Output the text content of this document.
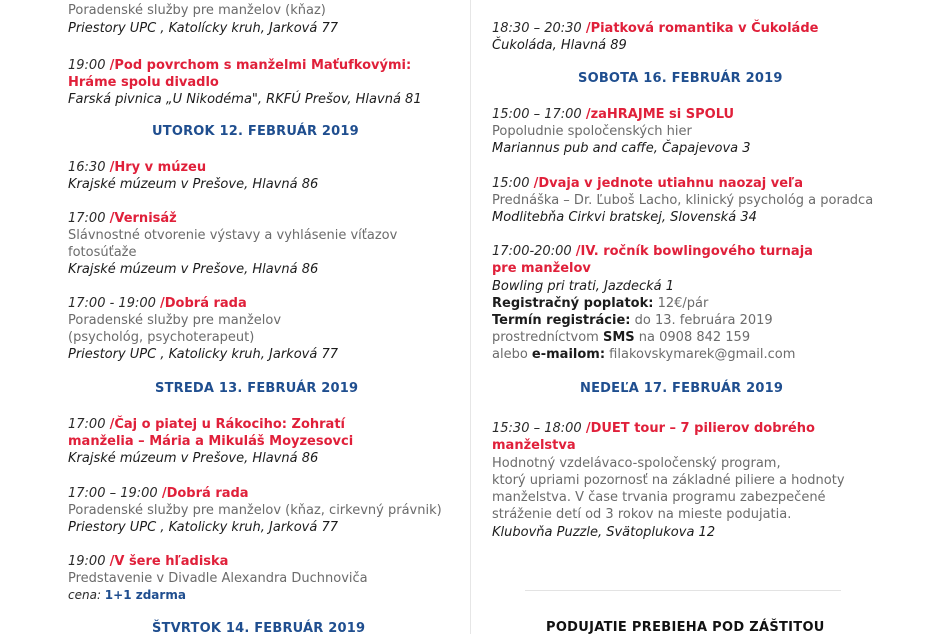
Poradenské služby pre manželov (kňaz)
Priestory UPC , Katolícky kruh, Jarková 77
19:00 /Pod povrchom s manželmi Maťufkovými:
Hráme spolu divadlo
Farská pivnica „U Nikodéma", RKFÚ Prešov, Hlavná 81
UTOROK 12. FEBRUÁR 2019
16:30 /Hry v múzeu
Krajské múzeum v Prešove, Hlavná 86
17:00 /Vernisáž
Slávnostné otvorenie výstavy a vyhlásenie víťazov
fotosúťaže
Krajské múzeum v Prešove, Hlavná 86
17:00 - 19:00 /Dobrá rada
Poradenské služby pre manželov
(psychológ, psychoterapeut)
Priestory UPC , Katolicky kruh, Jarková 77
STREDA 13. FEBRUÁR 2019
17:00 /Čaj o piatej u Rákociho: Zohratí
manželia – Mária a Mikuláš Moyzesovci
Krajské múzeum v Prešove, Hlavná 86
17:00 – 19:00 /Dobrá rada
Poradenské služby pre manželov (kňaz, cirkevný právnik)
Priestory UPC , Katolicky kruh, Jarková 77
19:00 /V šere hľadiska
Predstavenie v Divadle Alexandra Duchnoviča
cena: 1+1 zdarma
ŠTVRTOK 14. FEBRUÁR 2019
18:30 – 20:30 /Piatková romantika v Čukoláde
Čukoláda, Hlavná 89
SOBOTA 16. FEBRUÁR 2019
15:00 – 17:00 /zaHRAJME si SPOLU
Popoludnie spoločenských hier
Mariannus pub and caffe, Čapajevova 3
15:00 /Dvaja v jednote utiahnu naozaj veľa
Prednáška – Dr. Ľuboš Lacho, klinický psychológ a poradca
Modlitebňa Cirkvi bratskej, Slovenská 34
17:00-20:00 /IV. ročník bowlingového turnaja
pre manželov
Bowling pri trati, Jazdecká 1
Registračný poplatok: 12€/pár
Termín registrácie: do 13. februára 2019
prostredníctvom SMS na 0908 842 159
alebo e-mailom: filakovskymarek@gmail.com
NEDEĽA 17. FEBRUÁR 2019
15:30 – 18:00 /DUET tour – 7 pilierov dobrého
manželstva
Hodnotný vzdelávaco-spoločenský program,
ktorý upriami pozornosť na základné piliere a hodnoty
manželstva. V čase trvania programu zabezpečené
stráženie detí od 3 rokov na mieste podujatia.
Klubovňa Puzzle, Svätoplukova 12
PODUJATIE PREBIEHA POD ZÁŠTITOU
